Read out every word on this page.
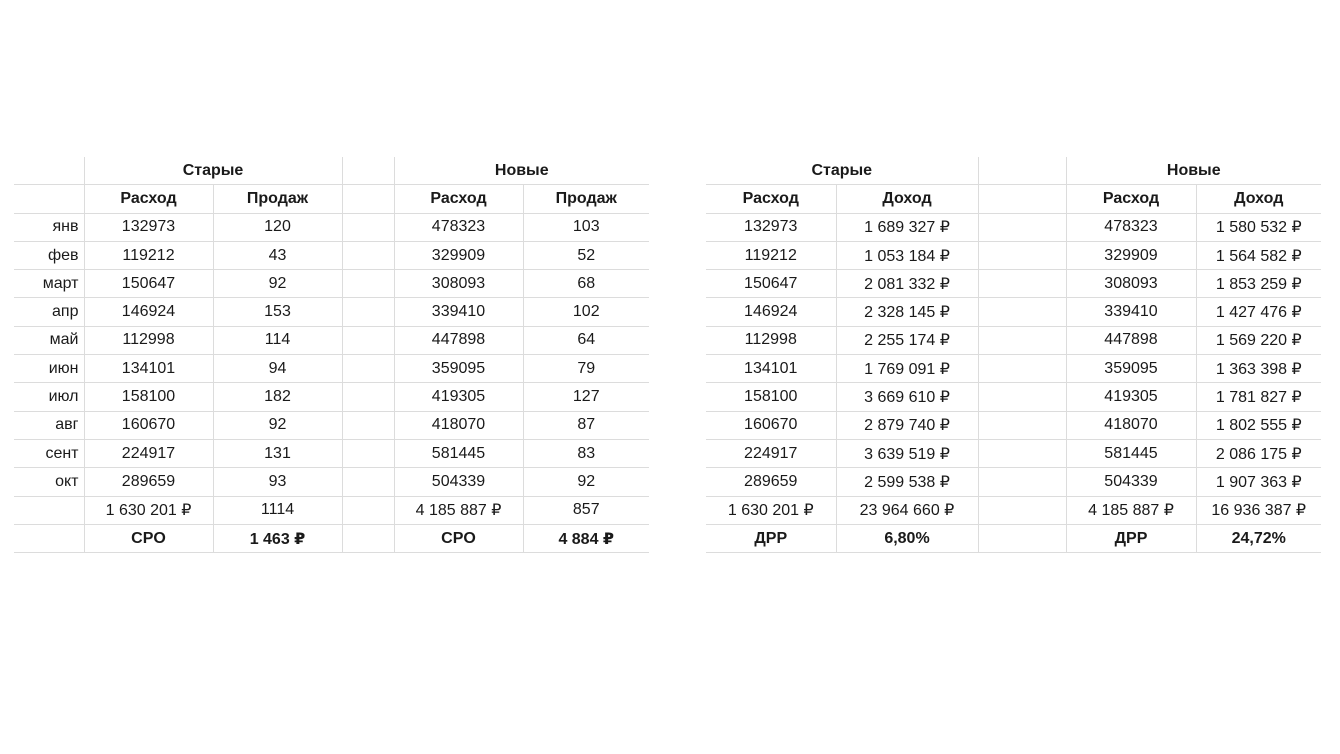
	Старые			Новые	
	Расход	Продаж		Расход	Продаж
янв	132973	120		478323	103
фев	119212	43		329909	52
март	150647	92		308093	68
апр	146924	153		339410	102
май	112998	114		447898	64
июн	134101	94		359095	79
июл	158100	182		419305	127
авг	160670	92		418070	87
сент	224917	131		581445	83
окт	289659	93		504339	92
	1 630 201 ₽	1114		4 185 887 ₽	857
	CPO	1 463 ₽		CPO	4 884 ₽
Старые			Новые	
Расход	Доход		Расход	Доход
132973	1 689 327 ₽		478323	1 580 532 ₽
119212	1 053 184 ₽		329909	1 564 582 ₽
150647	2 081 332 ₽		308093	1 853 259 ₽
146924	2 328 145 ₽		339410	1 427 476 ₽
112998	2 255 174 ₽		447898	1 569 220 ₽
134101	1 769 091 ₽		359095	1 363 398 ₽
158100	3 669 610 ₽		419305	1 781 827 ₽
160670	2 879 740 ₽		418070	1 802 555 ₽
224917	3 639 519 ₽		581445	2 086 175 ₽
289659	2 599 538 ₽		504339	1 907 363 ₽
1 630 201 ₽	23 964 660 ₽		4 185 887 ₽	16 936 387 ₽
ДРР	6,80%		ДРР	24,72%
